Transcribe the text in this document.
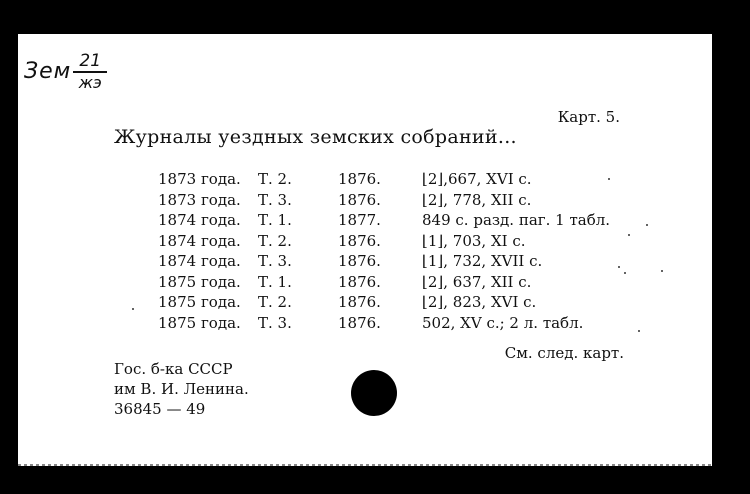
Зем $\frac{21}{жэ}$
Карт. 5.
Журналы уездных земских собраний...
1873 года. Т. 2.	1876.	⌊2⌋,667, XVI с.
1873 года. Т. 3.	1876.	⌊2⌋, 778, XII с.
1874 года. Т. 1.	1877.	849 с. разд. паг. 1 табл.
1874 года. Т. 2.	1876.	⌊1⌋, 703, XI с.
1874 года. Т. 3.	1876.	⌊1⌋, 732, XVII с.
1875 года. Т. 1.	1876.	⌊2⌋, 637, XII с.
1875 года. Т. 2.	1876.	⌊2⌋, 823, XVI с.
1875 года. Т. 3.	1876.	502, XV с.; 2 л. табл.
См. след. карт.
Гос. б-ка СССР
им В. И. Ленина.
36845 — 49
